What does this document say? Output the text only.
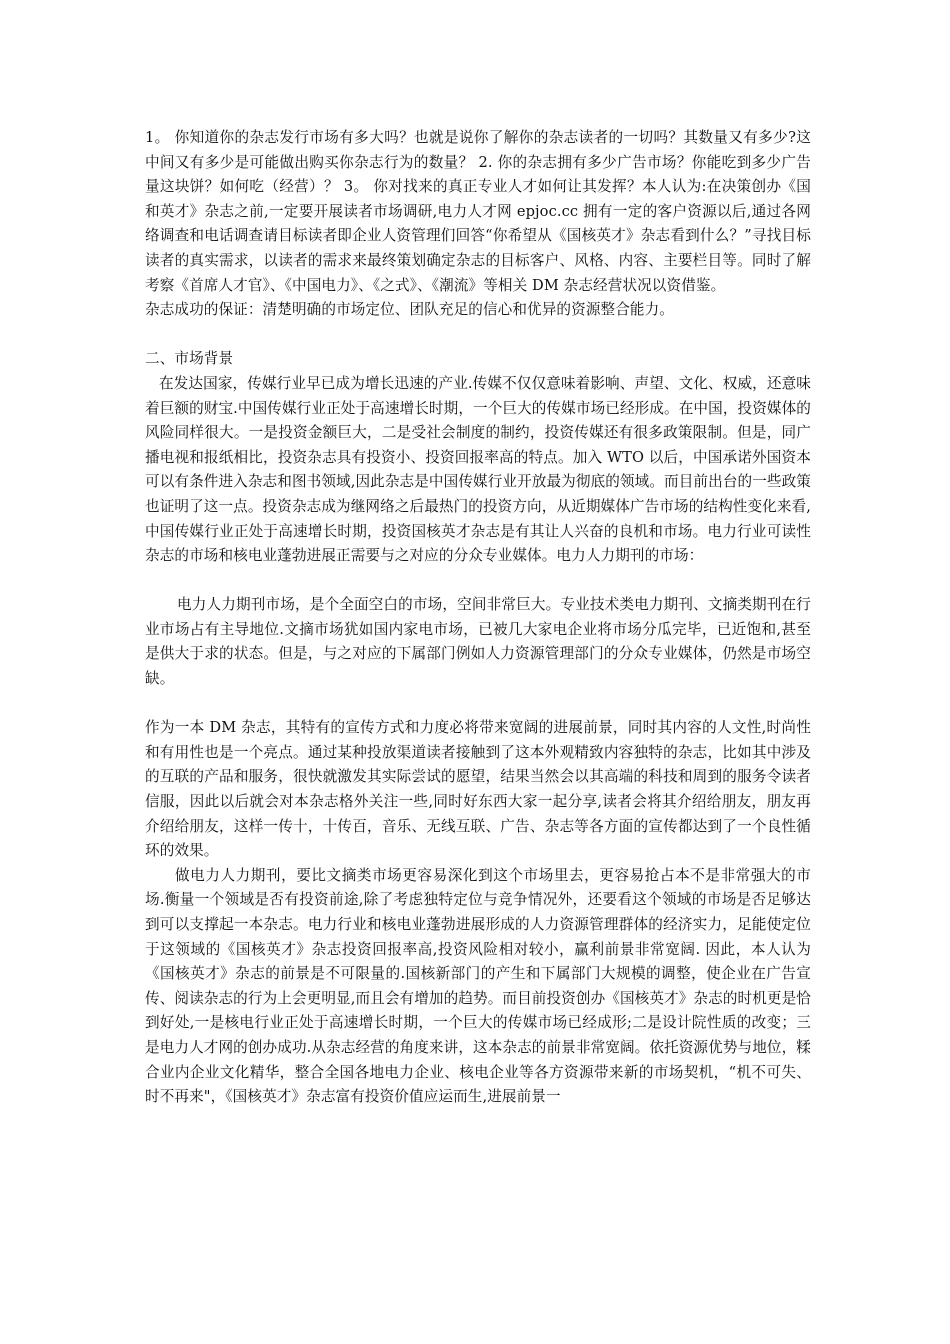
1。 你知道你的杂志发行市场有多大吗？也就是说你了解你的杂志读者的一切吗？其数量又有多少?这中间又有多少是可能做出购买你杂志行为的数量？ 2. 你的杂志拥有多少广告市场？你能吃到多少广告量这块饼？如何吃（经营）？ 3。 你对找来的真正专业人才如何让其发挥？本人认为:在决策创办《国和英才》杂志之前,一定要开展读者市场调研,电力人才网 epjoc.cc 拥有一定的客户资源以后,通过各网络调查和电话调查请目标读者即企业人资管理们回答“你希望从《国核英才》杂志看到什么？”寻找目标读者的真实需求，以读者的需求来最终策划确定杂志的目标客户、风格、内容、主要栏目等。同时了解考察《首席人才官》、《中国电力》、《之式》、《潮流》等相关 DM 杂志经营状况以资借鉴。

杂志成功的保证：清楚明确的市场定位、团队充足的信心和优异的资源整合能力。

二、市场背景

在发达国家，传媒行业早已成为增长迅速的产业.传媒不仅仅意味着影响、声望、文化、权威，还意味着巨额的财宝.中国传媒行业正处于高速增长时期，一个巨大的传媒市场已经形成。在中国，投资媒体的风险同样很大。一是投资金额巨大，二是受社会制度的制约，投资传媒还有很多政策限制。但是，同广播电视和报纸相比，投资杂志具有投资小、投资回报率高的特点。加入 WTO 以后，中国承诺外国资本可以有条件进入杂志和图书领域,因此杂志是中国传媒行业开放最为彻底的领域。而目前出台的一些政策也证明了这一点。投资杂志成为继网络之后最热门的投资方向，从近期媒体广告市场的结构性变化来看,中国传媒行业正处于高速增长时期，投资国核英才杂志是有其让人兴奋的良机和市场。电力行业可读性杂志的市场和核电业蓬勃进展正需要与之对应的分众专业媒体。电力人力期刊的市场：

电力人力期刊市场，是个全面空白的市场，空间非常巨大。专业技术类电力期刊、文摘类期刊在行业市场占有主导地位.文摘市场犹如国内家电市场，已被几大家电企业将市场分瓜完毕，已近饱和,甚至是供大于求的状态。但是，与之对应的下属部门例如人力资源管理部门的分众专业媒体，仍然是市场空缺。

作为一本 DM 杂志，其特有的宣传方式和力度必将带来宽阔的进展前景，同时其内容的人文性,时尚性和有用性也是一个亮点。通过某种投放渠道读者接触到了这本外观精致内容独特的杂志，比如其中涉及的互联的产品和服务，很快就激发其实际尝试的愿望，结果当然会以其高端的科技和周到的服务令读者信服，因此以后就会对本杂志格外关注一些,同时好东西大家一起分享,读者会将其介绍给朋友，朋友再介绍给朋友，这样一传十，十传百，音乐、无线互联、广告、杂志等各方面的宣传都达到了一个良性循环的效果。

做电力人力期刊，要比文摘类市场更容易深化到这个市场里去，更容易抢占本不是非常强大的市场.衡量一个领域是否有投资前途,除了考虑独特定位与竞争情况外，还要看这个领域的市场是否足够达到可以支撑起一本杂志。电力行业和核电业蓬勃进展形成的人力资源管理群体的经济实力，足能使定位于这领域的《国核英才》杂志投资回报率高,投资风险相对较小，赢利前景非常宽阔. 因此，本人认为《国核英才》杂志的前景是不可限量的.国核新部门的产生和下属部门大规模的调整，使企业在广告宣传、阅读杂志的行为上会更明显,而且会有增加的趋势。而目前投资创办《国核英才》杂志的时机更是恰到好处,一是核电行业正处于高速增长时期，一个巨大的传媒市场已经成形;二是设计院性质的改变；三是电力人才网的创办成功.从杂志经营的角度来讲，这本杂志的前景非常宽阔。依托资源优势与地位，糅合业内企业文化精华，整合全国各地电力企业、核电企业等各方资源带来新的市场契机，“机不可失、时不再来"，《国核英才》杂志富有投资价值应运而生,进展前景一
